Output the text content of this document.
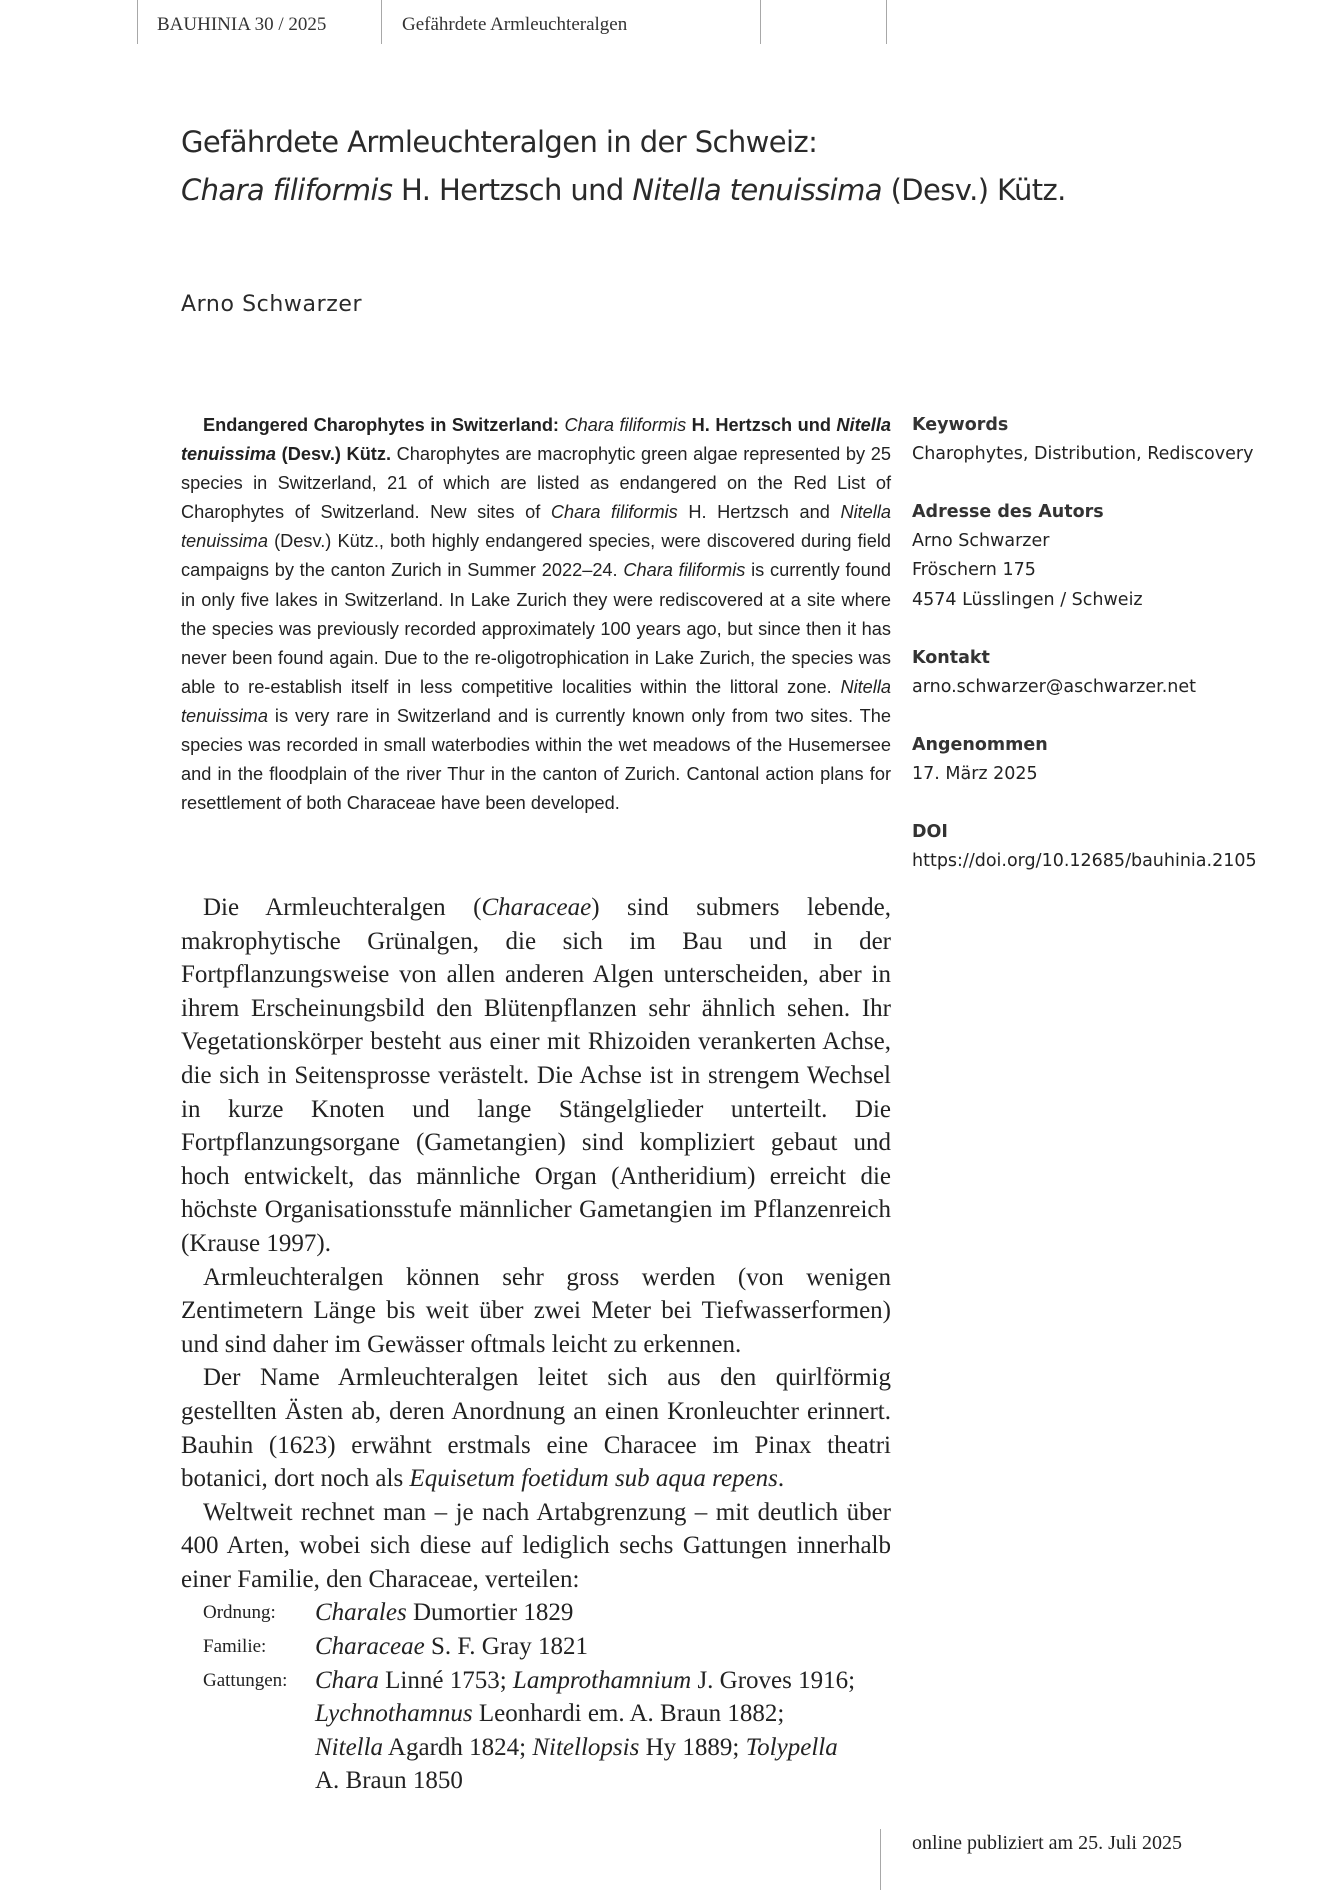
BAUHINIA 30 / 2025	Gefährdete Armleuchteralgen
Gefährdete Armleuchteralgen in der Schweiz:
Chara filiformis H. Hertzsch und Nitella tenuissima (Desv.) Kütz.
Arno Schwarzer
Endangered Charophytes in Switzerland: Chara filiformis H. Hertzsch und Nitella tenuissima (Desv.) Kütz. Charophytes are macrophytic green algae represented by 25 species in Switzerland, 21 of which are listed as endangered on the Red List of Charophytes of Switzerland. New sites of Chara filiformis H. Hertzsch and Nitella tenuissima (Desv.) Kütz., both highly endangered species, were discovered during field campaigns by the canton Zurich in Summer 2022–24. Chara filiformis is currently found in only five lakes in Switzerland. In Lake Zurich they were rediscovered at a site where the species was previously recorded approximately 100 years ago, but since then it has never been found again. Due to the re-oligotrophication in Lake Zurich, the species was able to re-establish itself in less competitive localities within the littoral zone. Nitella tenuissima is very rare in Switzerland and is currently known only from two sites. The species was recorded in small waterbodies within the wet meadows of the Husemersee and in the floodplain of the river Thur in the canton of Zurich. Cantonal action plans for resettlement of both Characeae have been developed.
Keywords
Charophytes, Distribution, Rediscovery
Adresse des Autors
Arno Schwarzer
Fröschern 175
4574 Lüsslingen / Schweiz
Kontakt
arno.schwarzer@aschwarzer.net
Angenommen
17. März 2025
DOI
https://doi.org/10.12685/bauhinia.2105

Die Armleuchteralgen (Characeae) sind submers lebende, makrophytische Grünalgen, die sich im Bau und in der Fortpflanzungsweise von allen anderen Algen unterscheiden, aber in ihrem Erscheinungsbild den Blütenpflanzen sehr ähnlich sehen. Ihr Vegetationskörper besteht aus einer mit Rhizoiden verankerten Achse, die sich in Seitensprosse verästelt. Die Achse ist in strengem Wechsel in kurze Knoten und lange Stängelglieder unterteilt. Die Fortpflanzungsorgane (Gametangien) sind kompliziert gebaut und hoch entwickelt, das männliche Organ (Antheridium) erreicht die höchste Organisationsstufe männlicher Gametangien im Pflanzenreich (Krause 1997).

Armleuchteralgen können sehr gross werden (von wenigen Zentimetern Länge bis weit über zwei Meter bei Tiefwasserformen) und sind daher im Gewässer oftmals leicht zu erkennen.

Der Name Armleuchteralgen leitet sich aus den quirlförmig gestellten Ästen ab, deren Anordnung an einen Kronleuchter erinnert. Bauhin (1623) erwähnt erstmals eine Characee im Pinax theatri botanici, dort noch als Equisetum foetidum sub aqua repens.

Weltweit rechnet man – je nach Artabgrenzung – mit deutlich über 400 Arten, wobei sich diese auf lediglich sechs Gattungen innerhalb einer Familie, den Characeae, verteilen:

Ordnung:	Charales Dumortier 1829
Familie:	Characeae S. F. Gray 1821
Gattungen:	Chara Linné 1753; Lamprothamnium J. Groves 1916;
Lychnothamnus Leonhardi em. A. Braun 1882;
Nitella Agardh 1824; Nitellopsis Hy 1889; Tolypella
A. Braun 1850
online publiziert am 25. Juli 2025
